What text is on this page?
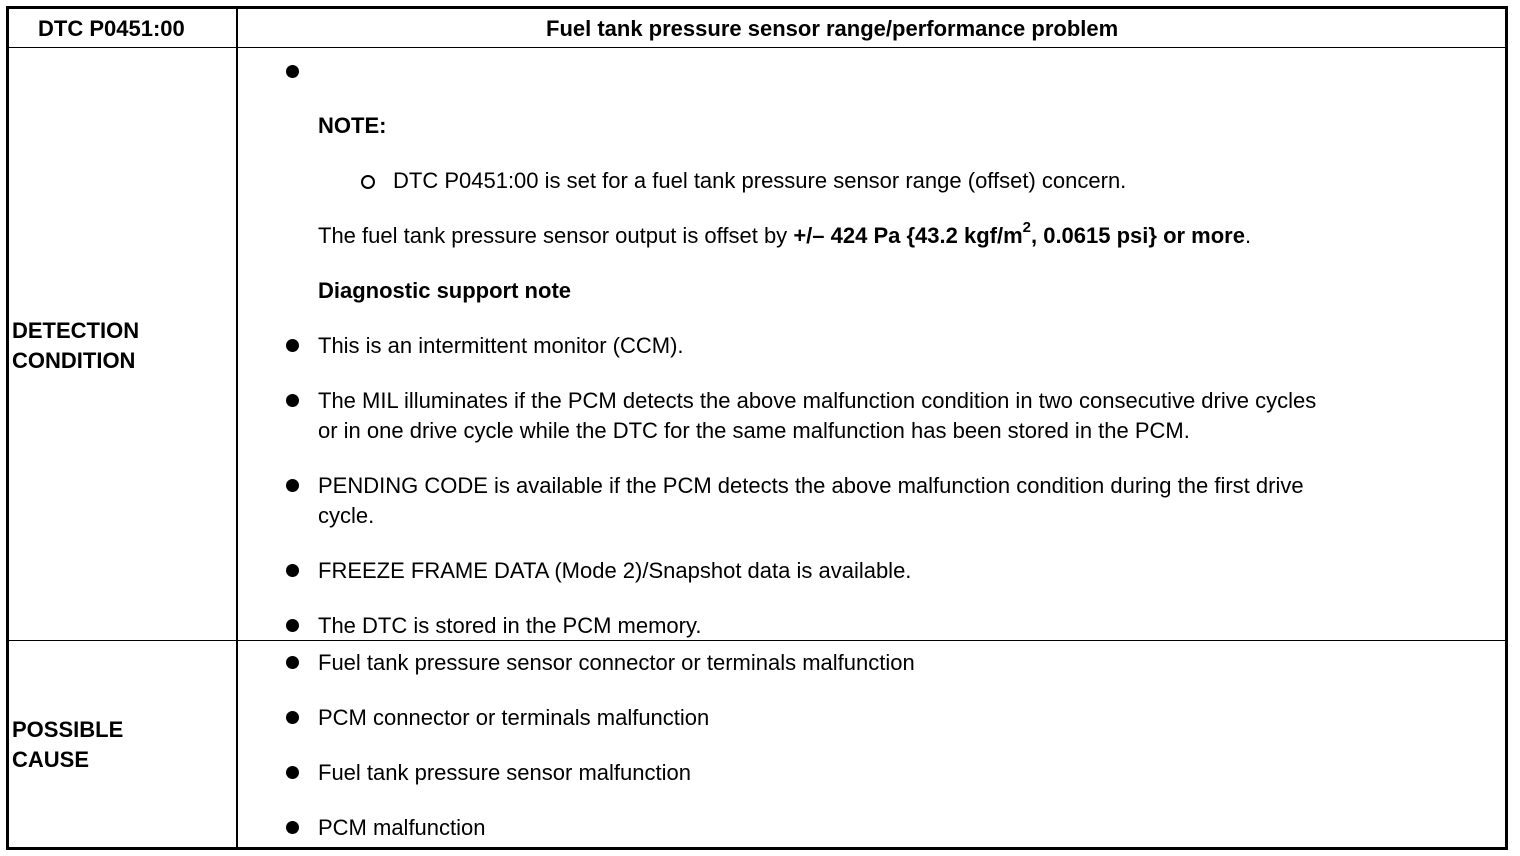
DTC P0451:00	Fuel tank pressure sensor range/performance problem
DETECTION
CONDITION
NOTE:
DTC P0451:00 is set for a fuel tank pressure sensor range (offset) concern.
The fuel tank pressure sensor output is offset by +/– 424 Pa {43.2 kgf/$m^2$, 0.0615 psi} or more.
Diagnostic support note
This is an intermittent monitor (CCM).
The MIL illuminates if the PCM detects the above malfunction condition in two consecutive drive cycles
or in one drive cycle while the DTC for the same malfunction has been stored in the PCM.
PENDING CODE is available if the PCM detects the above malfunction condition during the first drive
cycle.
FREEZE FRAME DATA (Mode 2)/Snapshot data is available.
The DTC is stored in the PCM memory.
POSSIBLE
CAUSE
Fuel tank pressure sensor connector or terminals malfunction
PCM connector or terminals malfunction
Fuel tank pressure sensor malfunction
PCM malfunction
